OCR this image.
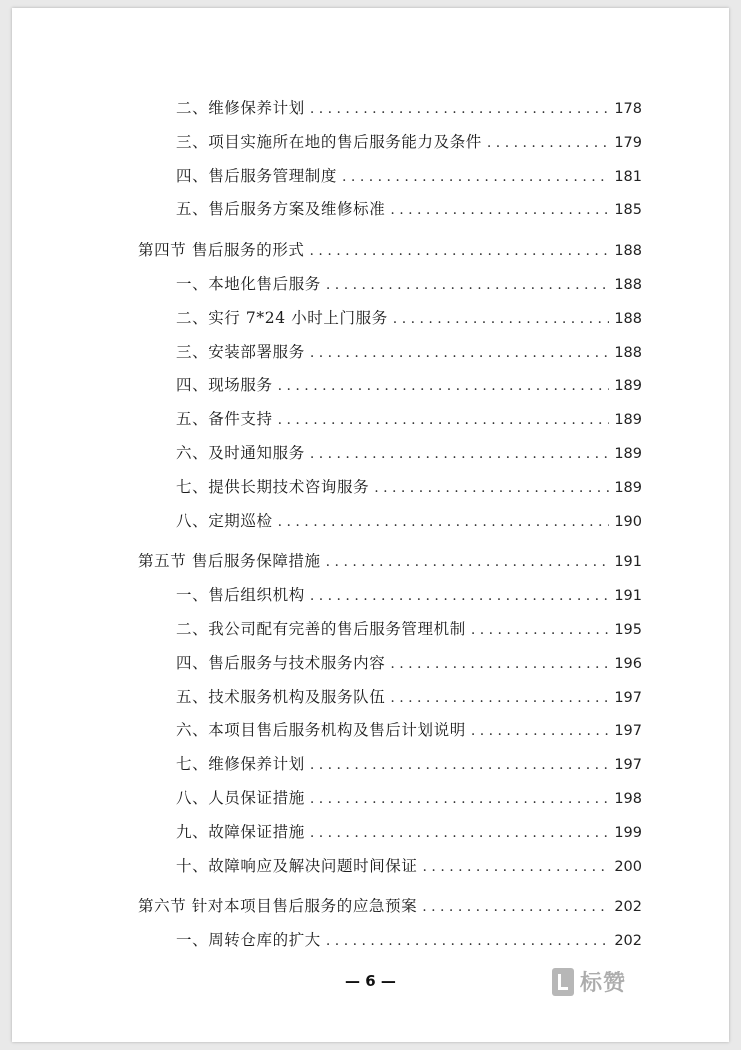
二、维修保养计划 . . .	178
三、项目实施所在地的售后服务能力及条件 . . .	179
四、售后服务管理制度 . . .	181
五、售后服务方案及维修标准 . . .	185
第四节 售后服务的形式 . . .	188
一、本地化售后服务 . . .	188
二、实行 7*24 小时上门服务 . . .	188
三、安装部署服务 . . .	188
四、现场服务 . . .	189
五、备件支持 . . .	189
六、及时通知服务 . . .	189
七、提供长期技术咨询服务 . . .	189
八、定期巡检 . . .	190
第五节 售后服务保障措施 . . .	191
一、售后组织机构 . . .	191
二、我公司配有完善的售后服务管理机制 . . .	195
四、售后服务与技术服务内容 . . .	196
五、技术服务机构及服务队伍 . . .	197
六、本项目售后服务机构及售后计划说明 . . .	197
七、维修保养计划 . . .	197
八、人员保证措施 . . .	198
九、故障保证措施 . . .	199
十、故障响应及解决问题时间保证 . . .	200
第六节 针对本项目售后服务的应急预案 . . .	202
一、周转仓库的扩大 . . .	202
— 6 —	标赞
